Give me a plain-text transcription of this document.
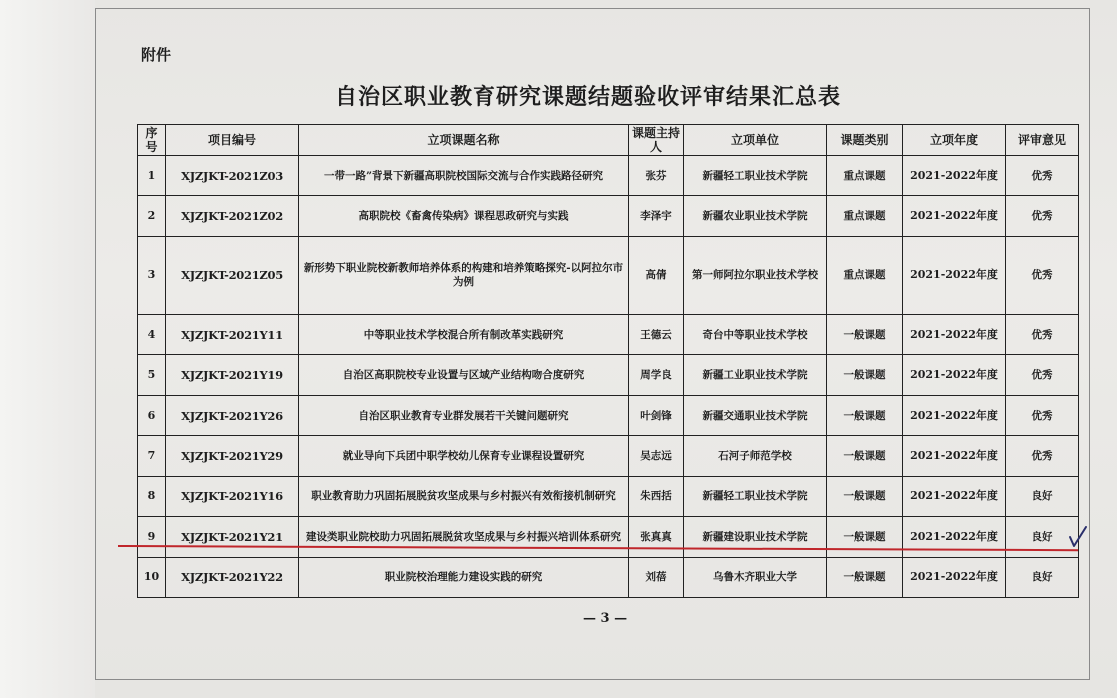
附件
自治区职业教育研究课题结题验收评审结果汇总表
序号	项目编号	立项课题名称	课题主持人	立项单位	课题类别	立项年度	评审意见
1	XJZJKT-2021Z03	一带一路”背景下新疆高职院校国际交流与合作实践路径研究	张芬	新疆轻工职业技术学院	重点课题	2021-2022年度	优秀
2	XJZJKT-2021Z02	高职院校《畜禽传染病》课程思政研究与实践	李泽宇	新疆农业职业技术学院	重点课题	2021-2022年度	优秀
3	XJZJKT-2021Z05	新形势下职业院校新教师培养体系的构建和培养策略探究-以阿拉尔市为例	高倩	第一师阿拉尔职业技术学校	重点课题	2021-2022年度	优秀
4	XJZJKT-2021Y11	中等职业技术学校混合所有制改革实践研究	王德云	奇台中等职业技术学校	一般课题	2021-2022年度	优秀
5	XJZJKT-2021Y19	自治区高职院校专业设置与区域产业结构吻合度研究	周学良	新疆工业职业技术学院	一般课题	2021-2022年度	优秀
6	XJZJKT-2021Y26	自治区职业教育专业群发展若干关键问题研究	叶剑锋	新疆交通职业技术学院	一般课题	2021-2022年度	优秀
7	XJZJKT-2021Y29	就业导向下兵团中职学校幼儿保育专业课程设置研究	吴志远	石河子师范学校	一般课题	2021-2022年度	优秀
8	XJZJKT-2021Y16	职业教育助力巩固拓展脱贫攻坚成果与乡村振兴有效衔接机制研究	朱西括	新疆轻工职业技术学院	一般课题	2021-2022年度	良好
9	XJZJKT-2021Y21	建设类职业院校助力巩固拓展脱贫攻坚成果与乡村振兴培训体系研究	张真真	新疆建设职业技术学院	一般课题	2021-2022年度	良好
10	XJZJKT-2021Y22	职业院校治理能力建设实践的研究	刘蓓	乌鲁木齐职业大学	一般课题	2021-2022年度	良好
— 3 —
